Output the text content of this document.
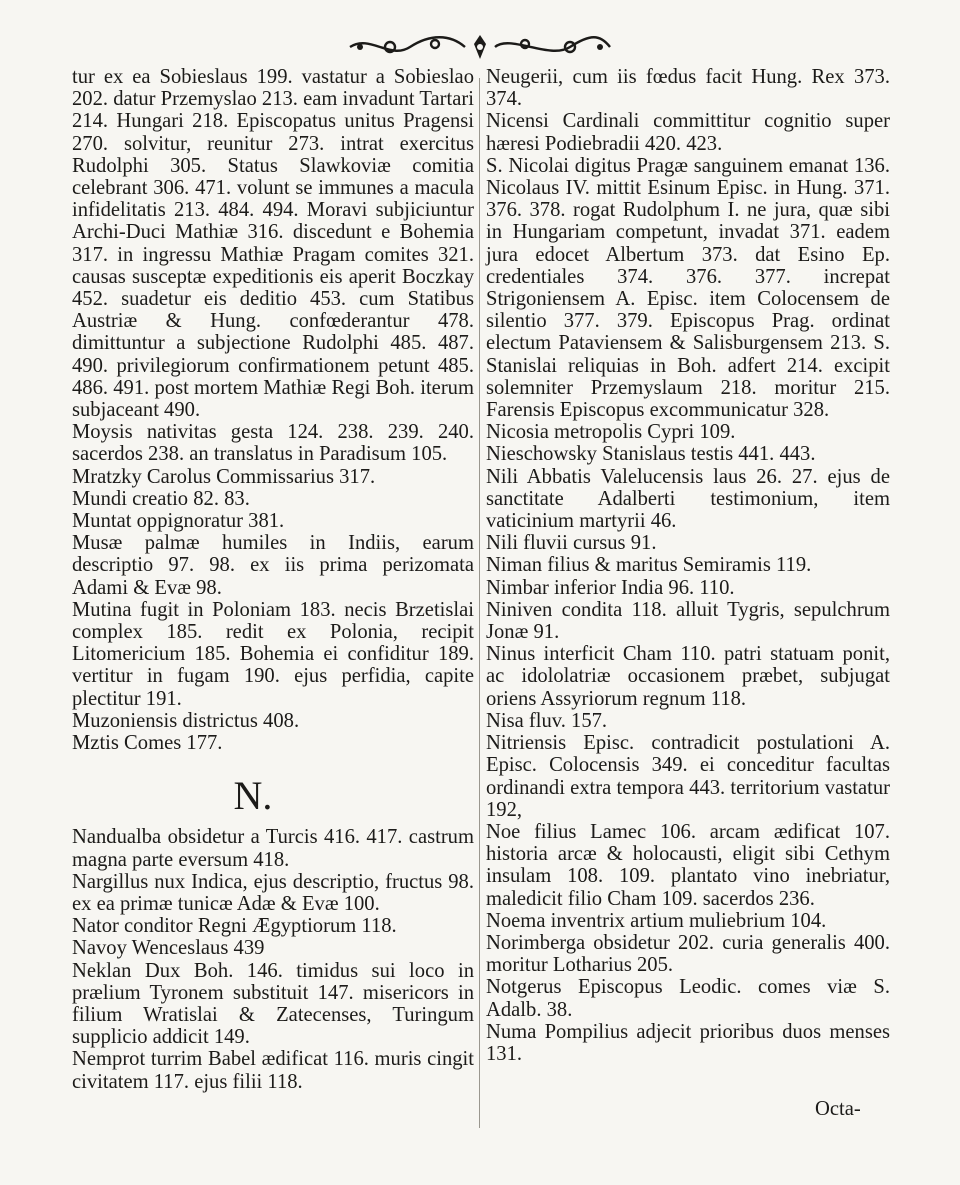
tur ex ea Sobieslaus 199. vastatur a Sobieslao 202. datur Przemyslao 213. eam invadunt Tartari 214. Hungari 218. Episcopatus unitus Pragensi 270. solvitur, reunitur 273. intrat exercitus Rudolphi 305. Status Slawkoviæ comitia celebrant 306. 471. volunt se immunes a macula infidelitatis 213. 484. 494. Moravi subjiciuntur Archi-Duci Mathiæ 316. discedunt e Bohemia 317. in ingressu Mathiæ Pragam comites 321. causas susceptæ expeditionis eis aperit Boczkay 452. suadetur eis deditio 453. cum Statibus Austriæ & Hung. confœderantur 478. dimittuntur a subjectione Rudolphi 485. 487. 490. privilegiorum confirmationem petunt 485. 486. 491. post mortem Mathiæ Regi Boh. iterum subjaceant 490.

Moysis nativitas gesta 124. 238. 239. 240. sacerdos 238. an translatus in Paradisum 105.

Mratzky Carolus Commissarius 317.

Mundi creatio 82. 83.

Muntat oppignoratur 381.

Musæ palmæ humiles in Indiis, earum descriptio 97. 98. ex iis prima perizomata Adami & Evæ 98.

Mutina fugit in Poloniam 183. necis Brzetislai complex 185. redit ex Polonia, recipit Litomericium 185. Bohemia ei confiditur 189. vertitur in fugam 190. ejus perfidia, capite plectitur 191.

Muzoniensis districtus 408.

Mztis Comes 177.

N.

Nandualba obsidetur a Turcis 416. 417. castrum magna parte eversum 418.

Nargillus nux Indica, ejus descriptio, fructus 98. ex ea primæ tunicæ Adæ & Evæ 100.

Nator conditor Regni Ægyptiorum 118.

Navoy Wenceslaus 439

Neklan Dux Boh. 146. timidus sui loco in prælium Tyronem substituit 147. misericors in filium Wratislai & Zatecenses, Turingum supplicio addicit 149.

Nemprot turrim Babel ædificat 116. muris cingit civitatem 117. ejus filii 118.

Neugerii, cum iis fœdus facit Hung. Rex 373. 374.

Nicensi Cardinali committitur cognitio super hæresi Podiebradii 420. 423.

S. Nicolai digitus Pragæ sanguinem emanat 136. Nicolaus IV. mittit Esinum Episc. in Hung. 371. 376. 378. rogat Rudolphum I. ne jura, quæ sibi in Hungariam competunt, invadat 371. eadem jura edocet Albertum 373. dat Esino Ep. credentiales 374. 376. 377. increpat Strigoniensem A. Episc. item Colocensem de silentio 377. 379. Episcopus Prag. ordinat electum Pataviensem & Salisburgensem 213. S. Stanislai reliquias in Boh. adfert 214. excipit solemniter Przemyslaum 218. moritur 215. Farensis Episcopus excommunicatur 328.

Nicosia metropolis Cypri 109.

Nieschowsky Stanislaus testis 441. 443.

Nili Abbatis Valelucensis laus 26. 27. ejus de sanctitate Adalberti testimonium, item vaticinium martyrii 46.

Nili fluvii cursus 91.

Niman filius & maritus Semiramis 119.

Nimbar inferior India 96. 110.

Niniven condita 118. alluit Tygris, sepulchrum Jonæ 91.

Ninus interficit Cham 110. patri statuam ponit, ac idololatriæ occasionem præbet, subjugat oriens Assyriorum regnum 118.

Nisa fluv. 157.

Nitriensis Episc. contradicit postulationi A. Episc. Colocensis 349. ei conceditur facultas ordinandi extra tempora 443. territorium vastatur 192,

Noe filius Lamec 106. arcam ædificat 107. historia arcæ & holocausti, eligit sibi Cethym insulam 108. 109. plantato vino inebriatur, maledicit filio Cham 109. sacerdos 236.

Noema inventrix artium muliebrium 104.

Norimberga obsidetur 202. curia generalis 400. moritur Lotharius 205.

Notgerus Episcopus Leodic. comes viæ S. Adalb. 38.

Numa Pompilius adjecit prioribus duos menses 131.

Octa-
